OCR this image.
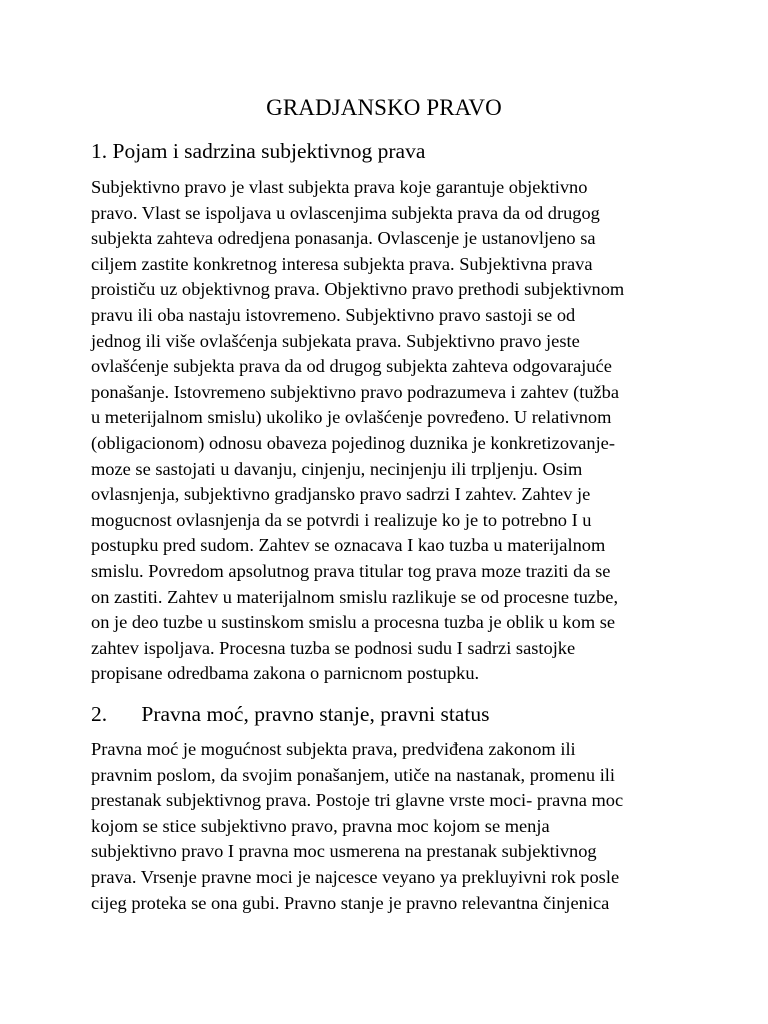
GRADJANSKO PRAVO
1. Pojam i sadrzina subjektivnog prava
Subjektivno pravo je vlast subjekta prava koje garantuje objektivno
pravo. Vlast se ispoljava u ovlascenjima subjekta prava da od drugog
subjekta zahteva odredjena ponasanja. Ovlascenje je ustanovljeno sa
ciljem zastite konkretnog interesa subjekta prava. Subjektivna prava
proističu uz objektivnog prava. Objektivno pravo prethodi subjektivnom
pravu ili oba nastaju istovremeno. Subjektivno pravo sastoji se od
jednog ili više ovlašćenja subjekata prava. Subjektivno pravo jeste
ovlašćenje subjekta prava da od drugog subjekta zahteva odgovarajuće
ponašanje. Istovremeno subjektivno pravo podrazumeva i zahtev (tužba
u meterijalnom smislu) ukoliko je ovlašćenje povređeno. U relativnom
(obligacionom) odnosu obaveza pojedinog duznika je konkretizovanje-
moze se sastojati u davanju, cinjenju, necinjenju ili trpljenju. Osim
ovlasnjenja, subjektivno gradjansko pravo sadrzi I zahtev. Zahtev je
mogucnost ovlasnjenja da se potvrdi i realizuje ko je to potrebno I u
postupku pred sudom. Zahtev se oznacava I kao tuzba u materijalnom
smislu. Povredom apsolutnog prava titular tog prava moze traziti da se
on zastiti. Zahtev u materijalnom smislu razlikuje se od procesne tuzbe,
on je deo tuzbe u sustinskom smislu a procesna tuzba je oblik u kom se
zahtev ispoljava. Procesna tuzba se podnosi sudu I sadrzi sastojke
propisane odredbama zakona o parnicnom postupku.
2. Pravna moć, pravno stanje, pravni status
Pravna moć je mogućnost subjekta prava, predviđena zakonom ili
pravnim poslom, da svojim ponašanjem, utiče na nastanak, promenu ili
prestanak subjektivnog prava. Postoje tri glavne vrste moci- pravna moc
kojom se stice subjektivno pravo, pravna moc kojom se menja
subjektivno pravo I pravna moc usmerena na prestanak subjektivnog
prava. Vrsenje pravne moci je najcesce veyano ya prekluyivni rok posle
cijeg proteka se ona gubi. Pravno stanje je pravno relevantna činjenica
